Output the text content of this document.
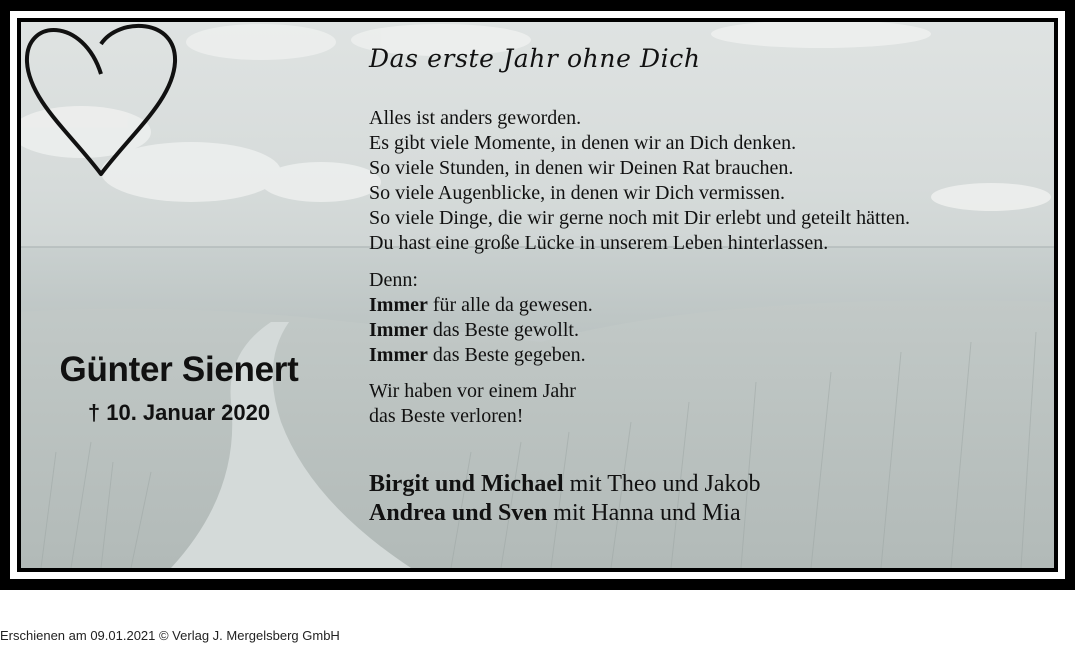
Günter Sienert
† 10. Januar 2020
Das erste Jahr ohne Dich
Alles ist anders geworden.
Es gibt viele Momente, in denen wir an Dich denken.
So viele Stunden, in denen wir Deinen Rat brauchen.
So viele Augenblicke, in denen wir Dich vermissen.
So viele Dinge, die wir gerne noch mit Dir erlebt und geteilt hätten.
Du hast eine große Lücke in unserem Leben hinterlassen.
Denn:
Immer für alle da gewesen.
Immer das Beste gewollt.
Immer das Beste gegeben.
Wir haben vor einem Jahr
das Beste verloren!
Birgit und Michael mit Theo und Jakob
Andrea und Sven mit Hanna und Mia
Erschienen am 09.01.2021 © Verlag J. Mergelsberg GmbH
